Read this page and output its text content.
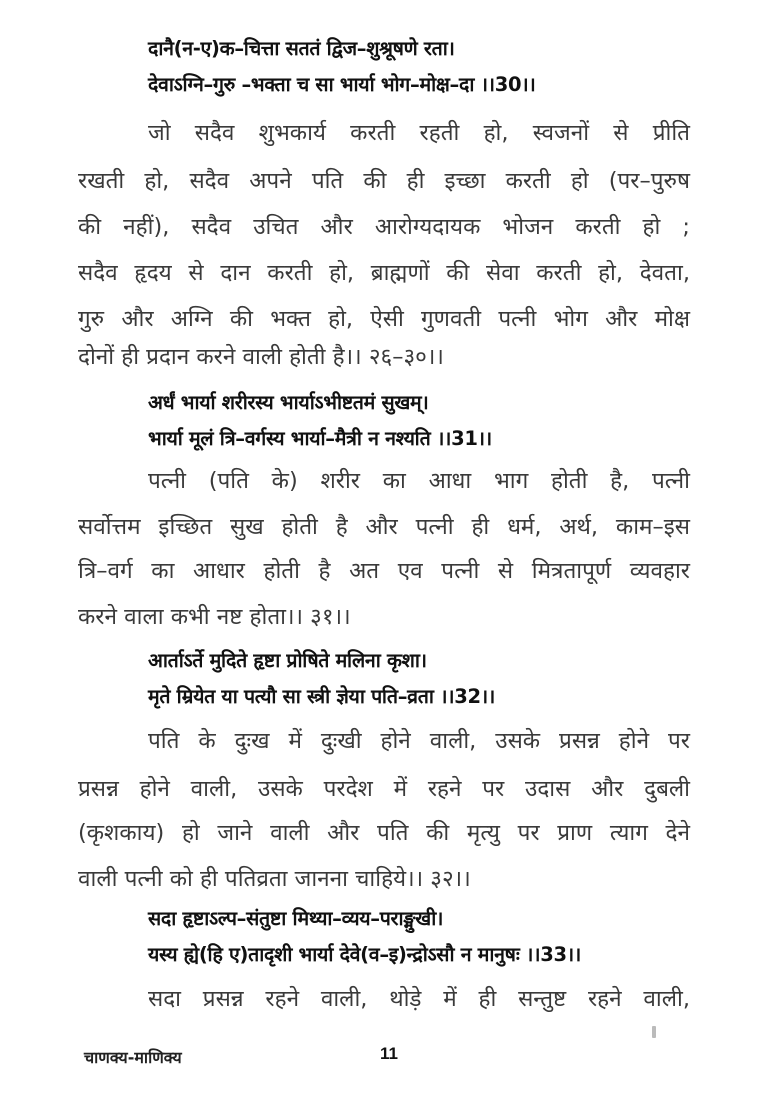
दानै(न-ए)क–चित्ता सततं द्विज–शुश्रूषणे रता।
देवाऽग्नि–गुरु –भक्ता च सा भार्या भोग–मोक्ष–दा ।।30।।
जो सदैव शुभकार्य करती रहती हो, स्वजनों से प्रीति
रखती हो, सदैव अपने पति की ही इच्छा करती हो (पर–पुरुष
की नहीं), सदैव उचित और आरोग्यदायक भोजन करती हो ;
सदैव हृदय से दान करती हो, ब्राह्मणों की सेवा करती हो, देवता,
गुरु और अग्नि की भक्त हो, ऐसी गुणवती पत्नी भोग और मोक्ष
दोनों ही प्रदान करने वाली होती है।। २६–३०।।
अर्धं भार्या शरीरस्य भार्याऽभीष्टतमं सुखम्।
भार्या मूलं त्रि–वर्गस्य भार्या–मैत्री न नश्यति ।।31।।
पत्नी (पति के) शरीर का आधा भाग होती है, पत्नी
सर्वोत्तम इच्छित सुख होती है और पत्नी ही धर्म, अर्थ, काम–इस
त्रि–वर्ग का आधार होती है अत एव पत्नी से मित्रतापूर्ण व्यवहार
करने वाला कभी नष्ट होता।। ३१।।
आर्ताऽर्ते मुदिते हृष्टा प्रोषिते मलिना कृशा।
मृते म्रियेत या पत्यौ सा स्त्री ज्ञेया पति–व्रता ।।32।।
पति के दुःख में दुःखी होने वाली, उसके प्रसन्न होने पर
प्रसन्न होने वाली, उसके परदेश में रहने पर उदास और दुबली
(कृशकाय) हो जाने वाली और पति की मृत्यु पर प्राण त्याग देने
वाली पत्नी को ही पतिव्रता जानना चाहिये।। ३२।।
सदा हृष्टाऽल्प–संतुष्टा मिथ्या–व्यय–पराङ्मुखी।
यस्य ह्ये(हि ए)तादृशी भार्या देवे(व–इ)न्द्रोऽसौ न मानुषः ।।33।।
सदा प्रसन्न रहने वाली, थोड़े में ही सन्तुष्ट रहने वाली,
चाणक्य-माणिक्य	11
